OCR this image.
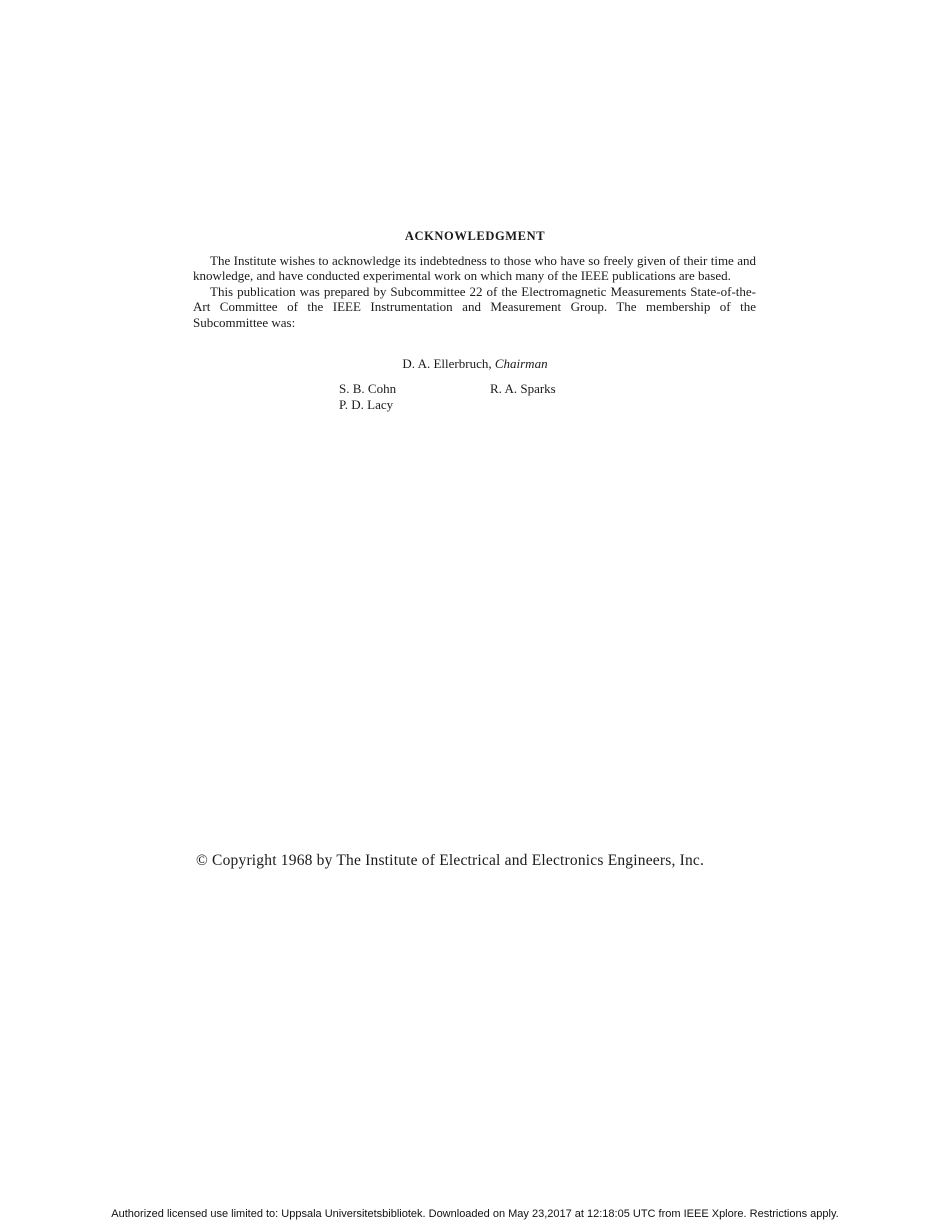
ACKNOWLEDGMENT

The Institute wishes to acknowledge its indebtedness to those who have so freely given of their time and knowledge, and have conducted experimental work on which many of the IEEE publications are based.

This publication was prepared by Subcommittee 22 of the Electromagnetic Measurements State-of-the-Art Committee of the IEEE Instrumentation and Measurement Group. The membership of the Subcommittee was:

D. A. Ellerbruch, Chairman
S. B. Cohn	R. A. Sparks
P. D. Lacy
© Copyright 1968 by The Institute of Electrical and Electronics Engineers, Inc.
Authorized licensed use limited to: Uppsala Universitetsbibliotek. Downloaded on May 23,2017 at 12:18:05 UTC from IEEE Xplore. Restrictions apply.
